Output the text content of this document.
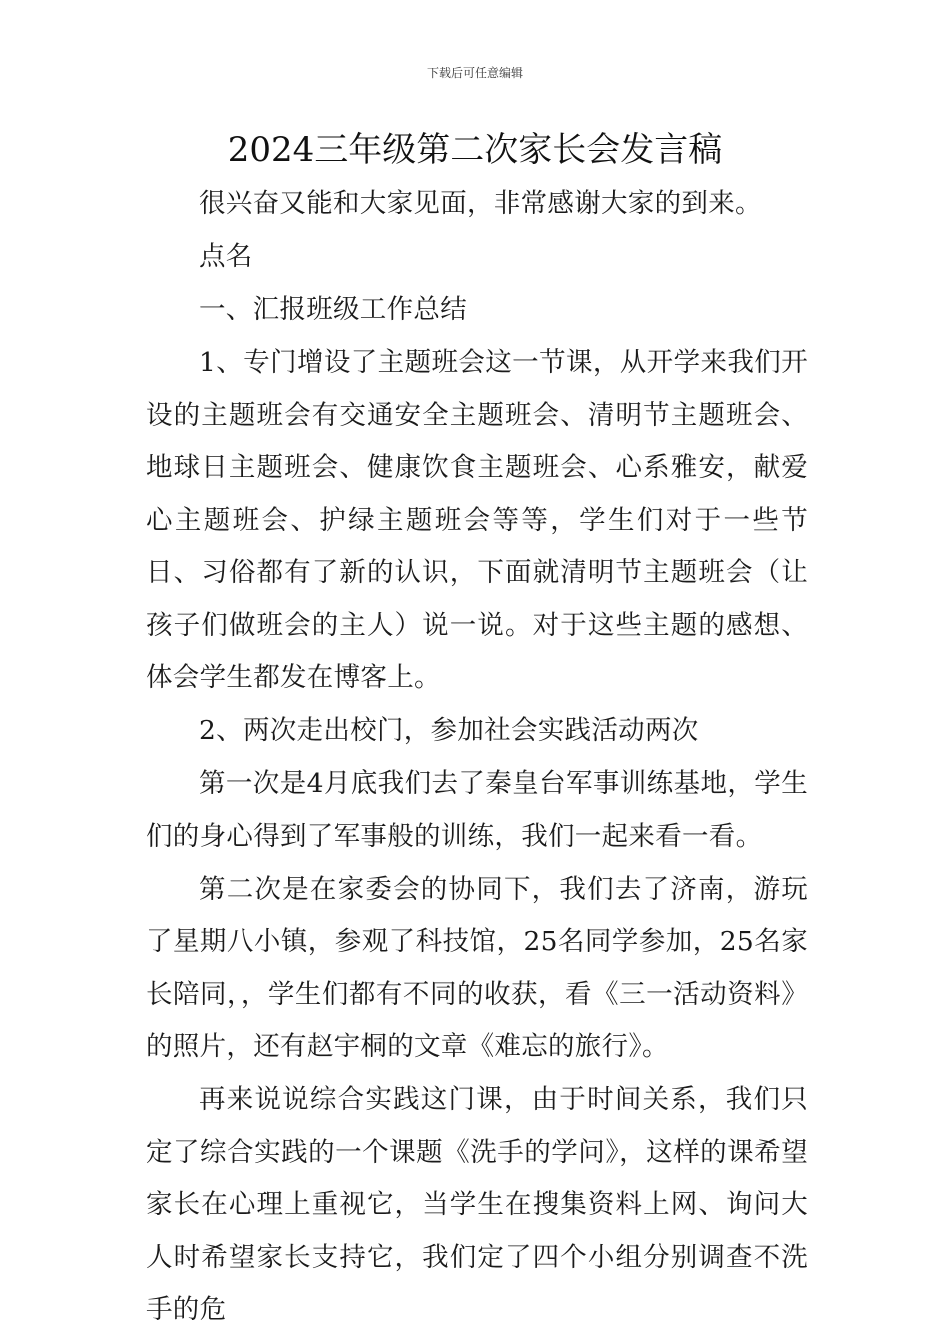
下载后可任意编辑
2024三年级第二次家长会发言稿

很兴奋又能和大家见面，非常感谢大家的到来。

点名

一、汇报班级工作总结

1、专门增设了主题班会这一节课，从开学来我们开设的主题班会有交通安全主题班会、清明节主题班会、地球日主题班会、健康饮食主题班会、心系雅安，献爱心主题班会、护绿主题班会等等，学生们对于一些节日、习俗都有了新的认识，下面就清明节主题班会（让孩子们做班会的主人）说一说。对于这些主题的感想、体会学生都发在博客上。

2、两次走出校门，参加社会实践活动两次

第一次是4月底我们去了秦皇台军事训练基地，学生们的身心得到了军事般的训练，我们一起来看一看。

第二次是在家委会的协同下，我们去了济南，游玩了星期八小镇，参观了科技馆，25名同学参加，25名家长陪同，，学生们都有不同的收获，看《三一活动资料》的照片，还有赵宇桐的文章《难忘的旅行》。

再来说说综合实践这门课，由于时间关系，我们只定了综合实践的一个课题《洗手的学问》，这样的课希望家长在心理上重视它，当学生在搜集资料上网、询问大人时希望家长支持它，我们定了四个小组分别调查不洗手的危
